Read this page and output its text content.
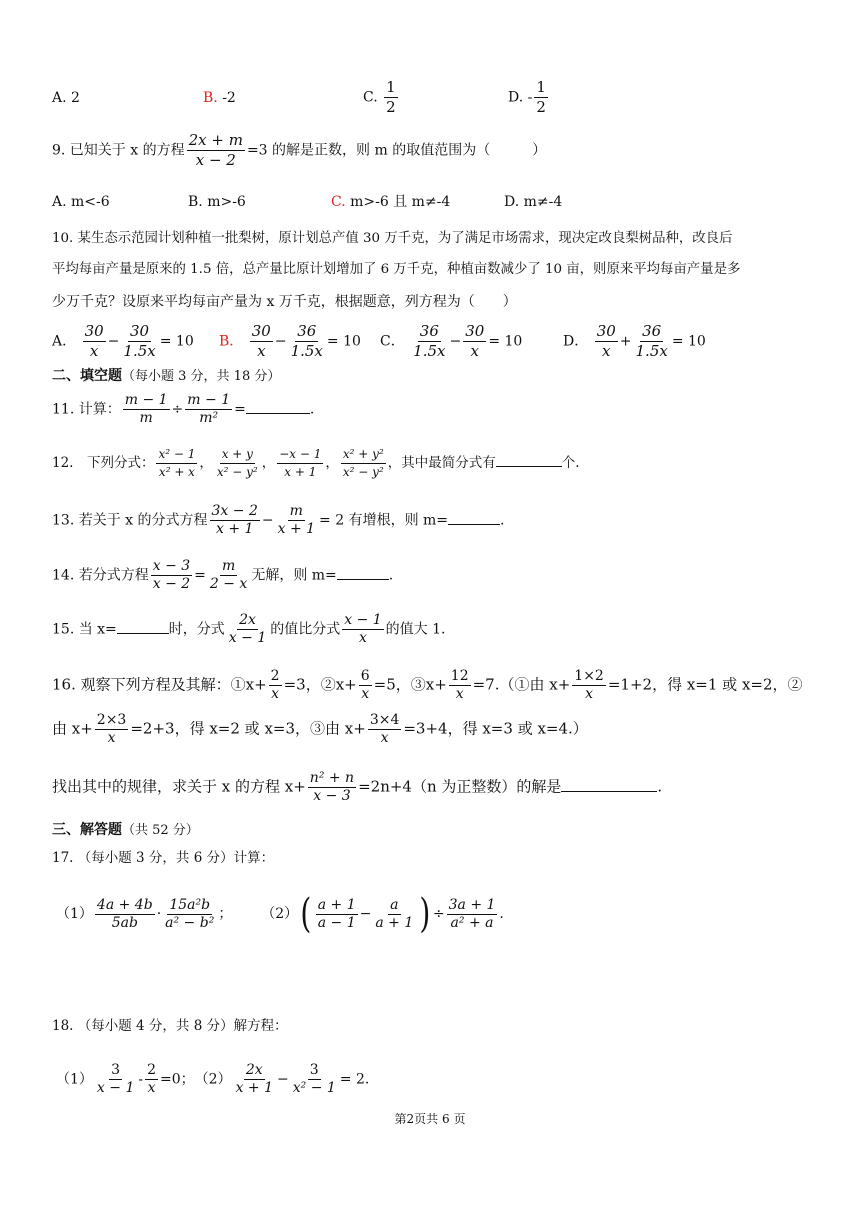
A. 2	B. -2	C. $\frac{1}{2}$	D. - $\frac{1}{2}$
9. 已知关于 x 的方程 $\frac{2x + m}{x - 2} =3$ 的解是正数，则 m 的取值范围为（　　　）
A. m<-6	B. m>-6	C. m>-6 且 m≠-4	D. m≠-4
10. 某生态示范园计划种植一批梨树，原计划总产值 30 万千克，为了满足市场需求，现决定改良梨树品种，改良后
平均每亩产量是原来的 1.5 倍，总产量比原计划增加了 6 万千克，种植亩数减少了 10 亩，则原来平均每亩产量是多
少万千克？设原来平均每亩产量为 x 万千克，根据题意，列方程为（　　）
A． $\frac{30}{x} - \frac{30}{1.5x} = 10$ B． $\frac{30}{x} - \frac{36}{1.5x} = 10$ C． $\frac{36}{1.5x} - \frac{30}{x} = 10$	D． $\frac{30}{x} + \frac{36}{1.5x} = 10$
二、填空题（每小题 3 分，共 18 分）
11. 计算： $\frac{m - 1}{m} \div \frac{m - 1}{\text{m²}}$ =	.
12.　下列分式： $\frac{\text{x² − 1}}{\text{x² + x}}$ ， $\frac{x + y}{\text{x² − y²}}$ ， $\frac{-x - 1}{x + 1}$ ， $\frac{\text{x² + y²}}{\text{x² − y²}}$ ，其中最简分式有	个.
13. 若关于 x 的分式方程 $\frac{3x - 2}{x + 1} - \frac{m}{x + 1} = 2$ 有增根，则 m=	.
14. 若分式方程 $\frac{x - 3}{x - 2} = \frac{m}{2 - x}$ 无解，则 m=	.
15. 当 x=	时，分式 $\frac{2x}{x - 1}$ 的值比分式 $\frac{x - 1}{x}$ 的值大 1.
16. 观察下列方程及其解：①x+ $\frac{2}{x} =3$，②x+ $\frac{6}{x} =5$，③x+ $\frac{12}{x}$ =7.（①由 $x+ \frac{1\times 2}{x} =1+2$，得 x=1 或 x=2，②
由 $x+ \frac{2\times 3}{x} =2+3$，得 x=2 或 x=3，③由 $x+ \frac{3\times 4}{x} =3+4$，得 x=3 或 x=4.）
找出其中的规律，求关于 x 的方程 $x+ \frac{\text{n² + n}}{x - 3} =2n+4(n$ 为正整数）的解是	.
三、解答题（共 52 分）
17. （每小题 3 分，共 6 分）计算：
$(1) \frac{4a + 4b}{5ab} \cdot \frac{\text{15a²b}}{\text{a² − b²}}$ ； $(2)( \frac{a + 1}{a - 1} - \frac{a}{a + 1}$ ) ÷ $\frac{3a + 1}{\text{a² + a}}$ .
18. （每小题 4 分，共 8 分）解方程：
$(1) \frac{3}{x - 1} - \frac{2}{x} =0$；　$(2) \frac{2x}{x + 1} - \frac{3}{\text{x² − 1}} = 2$.
第2页共 6 页
